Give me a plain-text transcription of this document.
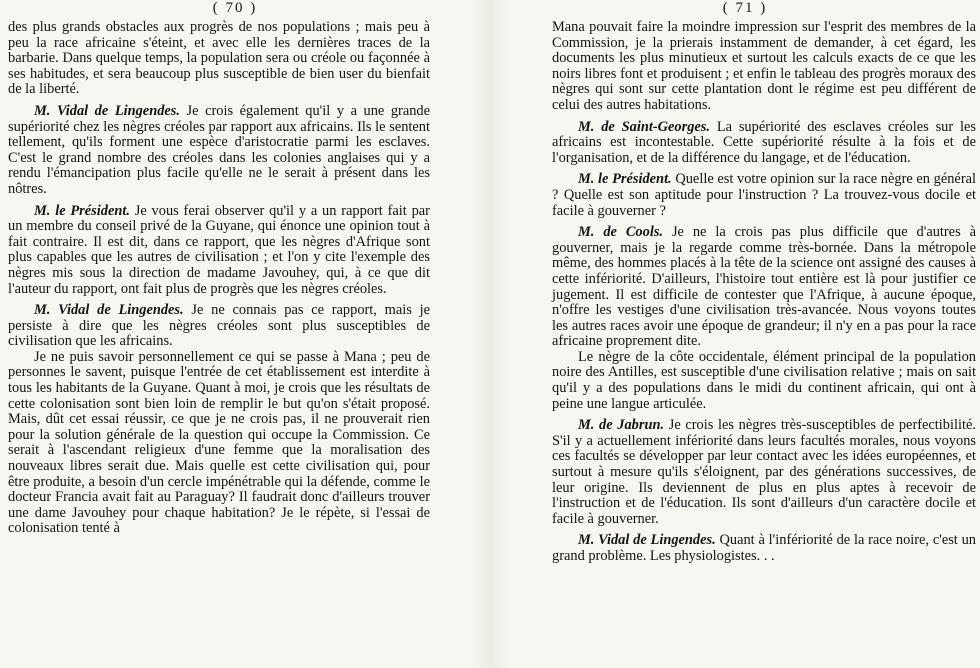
( 70 )

des plus grands obstacles aux progrès de nos populations ; mais peu à peu la race africaine s'éteint, et avec elle les dernières traces de la barbarie. Dans quelque temps, la population sera ou créole ou façonnée à ses habitudes, et sera beaucoup plus susceptible de bien user du bienfait de la liberté.

M. Vidal de Lingendes. Je crois également qu'il y a une grande supériorité chez les nègres créoles par rapport aux africains. Ils le sentent tellement, qu'ils forment une espèce d'aristocratie parmi les esclaves. C'est le grand nombre des créoles dans les colonies anglaises qui y a rendu l'émancipation plus facile qu'elle ne le serait à présent dans les nôtres.

M. le Président. Je vous ferai observer qu'il y a un rapport fait par un membre du conseil privé de la Guyane, qui énonce une opinion tout à fait contraire. Il est dit, dans ce rapport, que les nègres d'Afrique sont plus capables que les autres de civilisation ; et l'on y cite l'exemple des nègres mis sous la direction de madame Javouhey, qui, à ce que dit l'auteur du rapport, ont fait plus de progrès que les nègres créoles.

M. Vidal de Lingendes. Je ne connais pas ce rapport, mais je persiste à dire que les nègres créoles sont plus susceptibles de civilisation que les africains.

Je ne puis savoir personnellement ce qui se passe à Mana ; peu de personnes le savent, puisque l'entrée de cet établissement est interdite à tous les habitants de la Guyane. Quant à moi, je crois que les résultats de cette colonisation sont bien loin de remplir le but qu'on s'était proposé. Mais, dût cet essai réussir, ce que je ne crois pas, il ne prouverait rien pour la solution générale de la question qui occupe la Commission. Ce serait à l'ascendant religieux d'une femme que la moralisation des nouveaux libres serait due. Mais quelle est cette civilisation qui, pour être produite, a besoin d'un cercle impénétrable qui la défende, comme le docteur Francia avait fait au Paraguay? Il faudrait donc d'ailleurs trouver une dame Javouhey pour chaque habitation? Je le répète, si l'essai de colonisation tenté à

( 71 )

Mana pouvait faire la moindre impression sur l'esprit des membres de la Commission, je la prierais instamment de demander, à cet égard, les documents les plus minutieux et surtout les calculs exacts de ce que les noirs libres font et produisent ; et enfin le tableau des progrès moraux des nègres qui sont sur cette plantation dont le régime est peu différent de celui des autres habitations.

M. de Saint-Georges. La supériorité des esclaves créoles sur les africains est incontestable. Cette supériorité résulte à la fois et de l'organisation, et de la différence du langage, et de l'éducation.

M. le Président. Quelle est votre opinion sur la race nègre en général ? Quelle est son aptitude pour l'instruction ? La trouvez-vous docile et facile à gouverner ?

M. de Cools. Je ne la crois pas plus difficile que d'autres à gouverner, mais je la regarde comme très-bornée. Dans la métropole même, des hommes placés à la tête de la science ont assigné des causes à cette infériorité. D'ailleurs, l'histoire tout entière est là pour justifier ce jugement. Il est difficile de contester que l'Afrique, à aucune époque, n'offre les vestiges d'une civilisation très-avancée. Nous voyons toutes les autres races avoir une époque de grandeur; il n'y en a pas pour la race africaine proprement dite.

Le nègre de la côte occidentale, élément principal de la population noire des Antilles, est susceptible d'une civilisation relative ; mais on sait qu'il y a des populations dans le midi du continent africain, qui ont à peine une langue articulée.

M. de Jabrun. Je crois les nègres très-susceptibles de perfectibilité. S'il y a actuellement infériorité dans leurs facultés morales, nous voyons ces facultés se développer par leur contact avec les idées européennes, et surtout à mesure qu'ils s'éloignent, par des générations successives, de leur origine. Ils deviennent de plus en plus aptes à recevoir de l'instruction et de l'éducation. Ils sont d'ailleurs d'un caractère docile et facile à gouverner.

M. Vidal de Lingendes. Quant à l'infériorité de la race noire, c'est un grand problème. Les physiologistes. . .
